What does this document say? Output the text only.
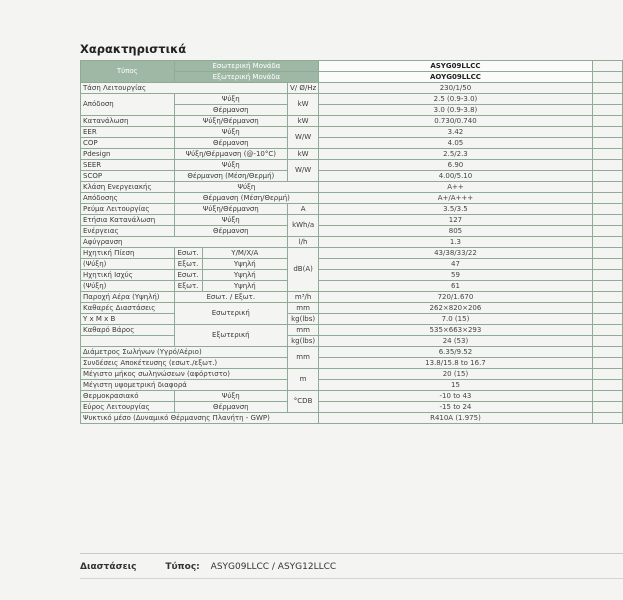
Χαρακτηριστικά
Τύπος	Εσωτερική Μονάδα			ASYG09LLCC	
	Εξωτερική Μονάδα			AOYG09LLCC	
Τάση Λειτουργίας			V/ Ø/Hz	230/1/50	
Απόδοση	Ψύξη		kW	2.5 (0.9-3.0)	
	Θέρμανση			3.0 (0.9-3.8)	
Κατανάλωση	Ψύξη/Θέρμανση		kW	0.730/0.740	
EER	Ψύξη		W/W	3.42	
COP	Θέρμανση			4.05	
Pdesign	Ψύξη/Θέρμανση (@-10°C)		kW	2.5/2.3	
SEER	Ψύξη		W/W	6.90	
SCOP	Θέρμανση (Μέση/Θερμή)			4.00/5.10	
Κλάση Ενεργειακής	Ψύξη			A++	
Απόδοσης	Θέρμανση (Μέση/Θερμή)			A+/A+++	
Ρεύμα Λειτουργίας	Ψύξη/Θέρμανση		A	3.5/3.5	
Ετήσια Κατανάλωση	Ψύξη		kWh/a	127	
Ενέργειας	Θέρμανση			805	
Αφύγρανση			l/h	1.3	
Ηχητική Πίεση	Εσωτ.	Y/M/X/A	dB(A)	43/38/33/22	
(Ψύξη)	Εξωτ.	Υψηλή		47	
Ηχητική Ισχύς	Εσωτ.	Υψηλή		59	
(Ψύξη)	Εξωτ.	Υψηλή		61	
Παροχή Αέρα (Υψηλή)	Εσωτ. / Εξωτ.		m³/h	720/1.670	
Καθαρές Διαστάσεις	Εσωτερική		mm	262×820×206	
Υ x Μ x Β			kg(lbs)	7.0 (15)	
Καθαρό Βάρος	Εξωτερική		mm	535×663×293	
			kg(lbs)	24 (53)	
Διάμετρος Σωλήνων (Υγρό/Αέριο)			mm	6.35/9.52	
Συνδέσεις Αποκέτευσης (εσωτ./εξωτ.)				13.8/15.8 to 16.7	
Μέγιστο μήκος σωληνώσεων (αφόρτιστο)			m	20 (15)	
Μέγιστη υψομετρική διαφορά				15	
Θερμοκρασιακό	Ψύξη		°CDB	-10 to 43	
Εύρος Λειτουργίας	Θέρμανση			-15 to 24	
Ψυκτικό μέσο (Δυναμικό Θέρμανσης Πλανήτη - GWP)				R410A (1.975)	
Διαστάσεις	Τύπος: ASYG09LLCC / ASYG12LLCC
